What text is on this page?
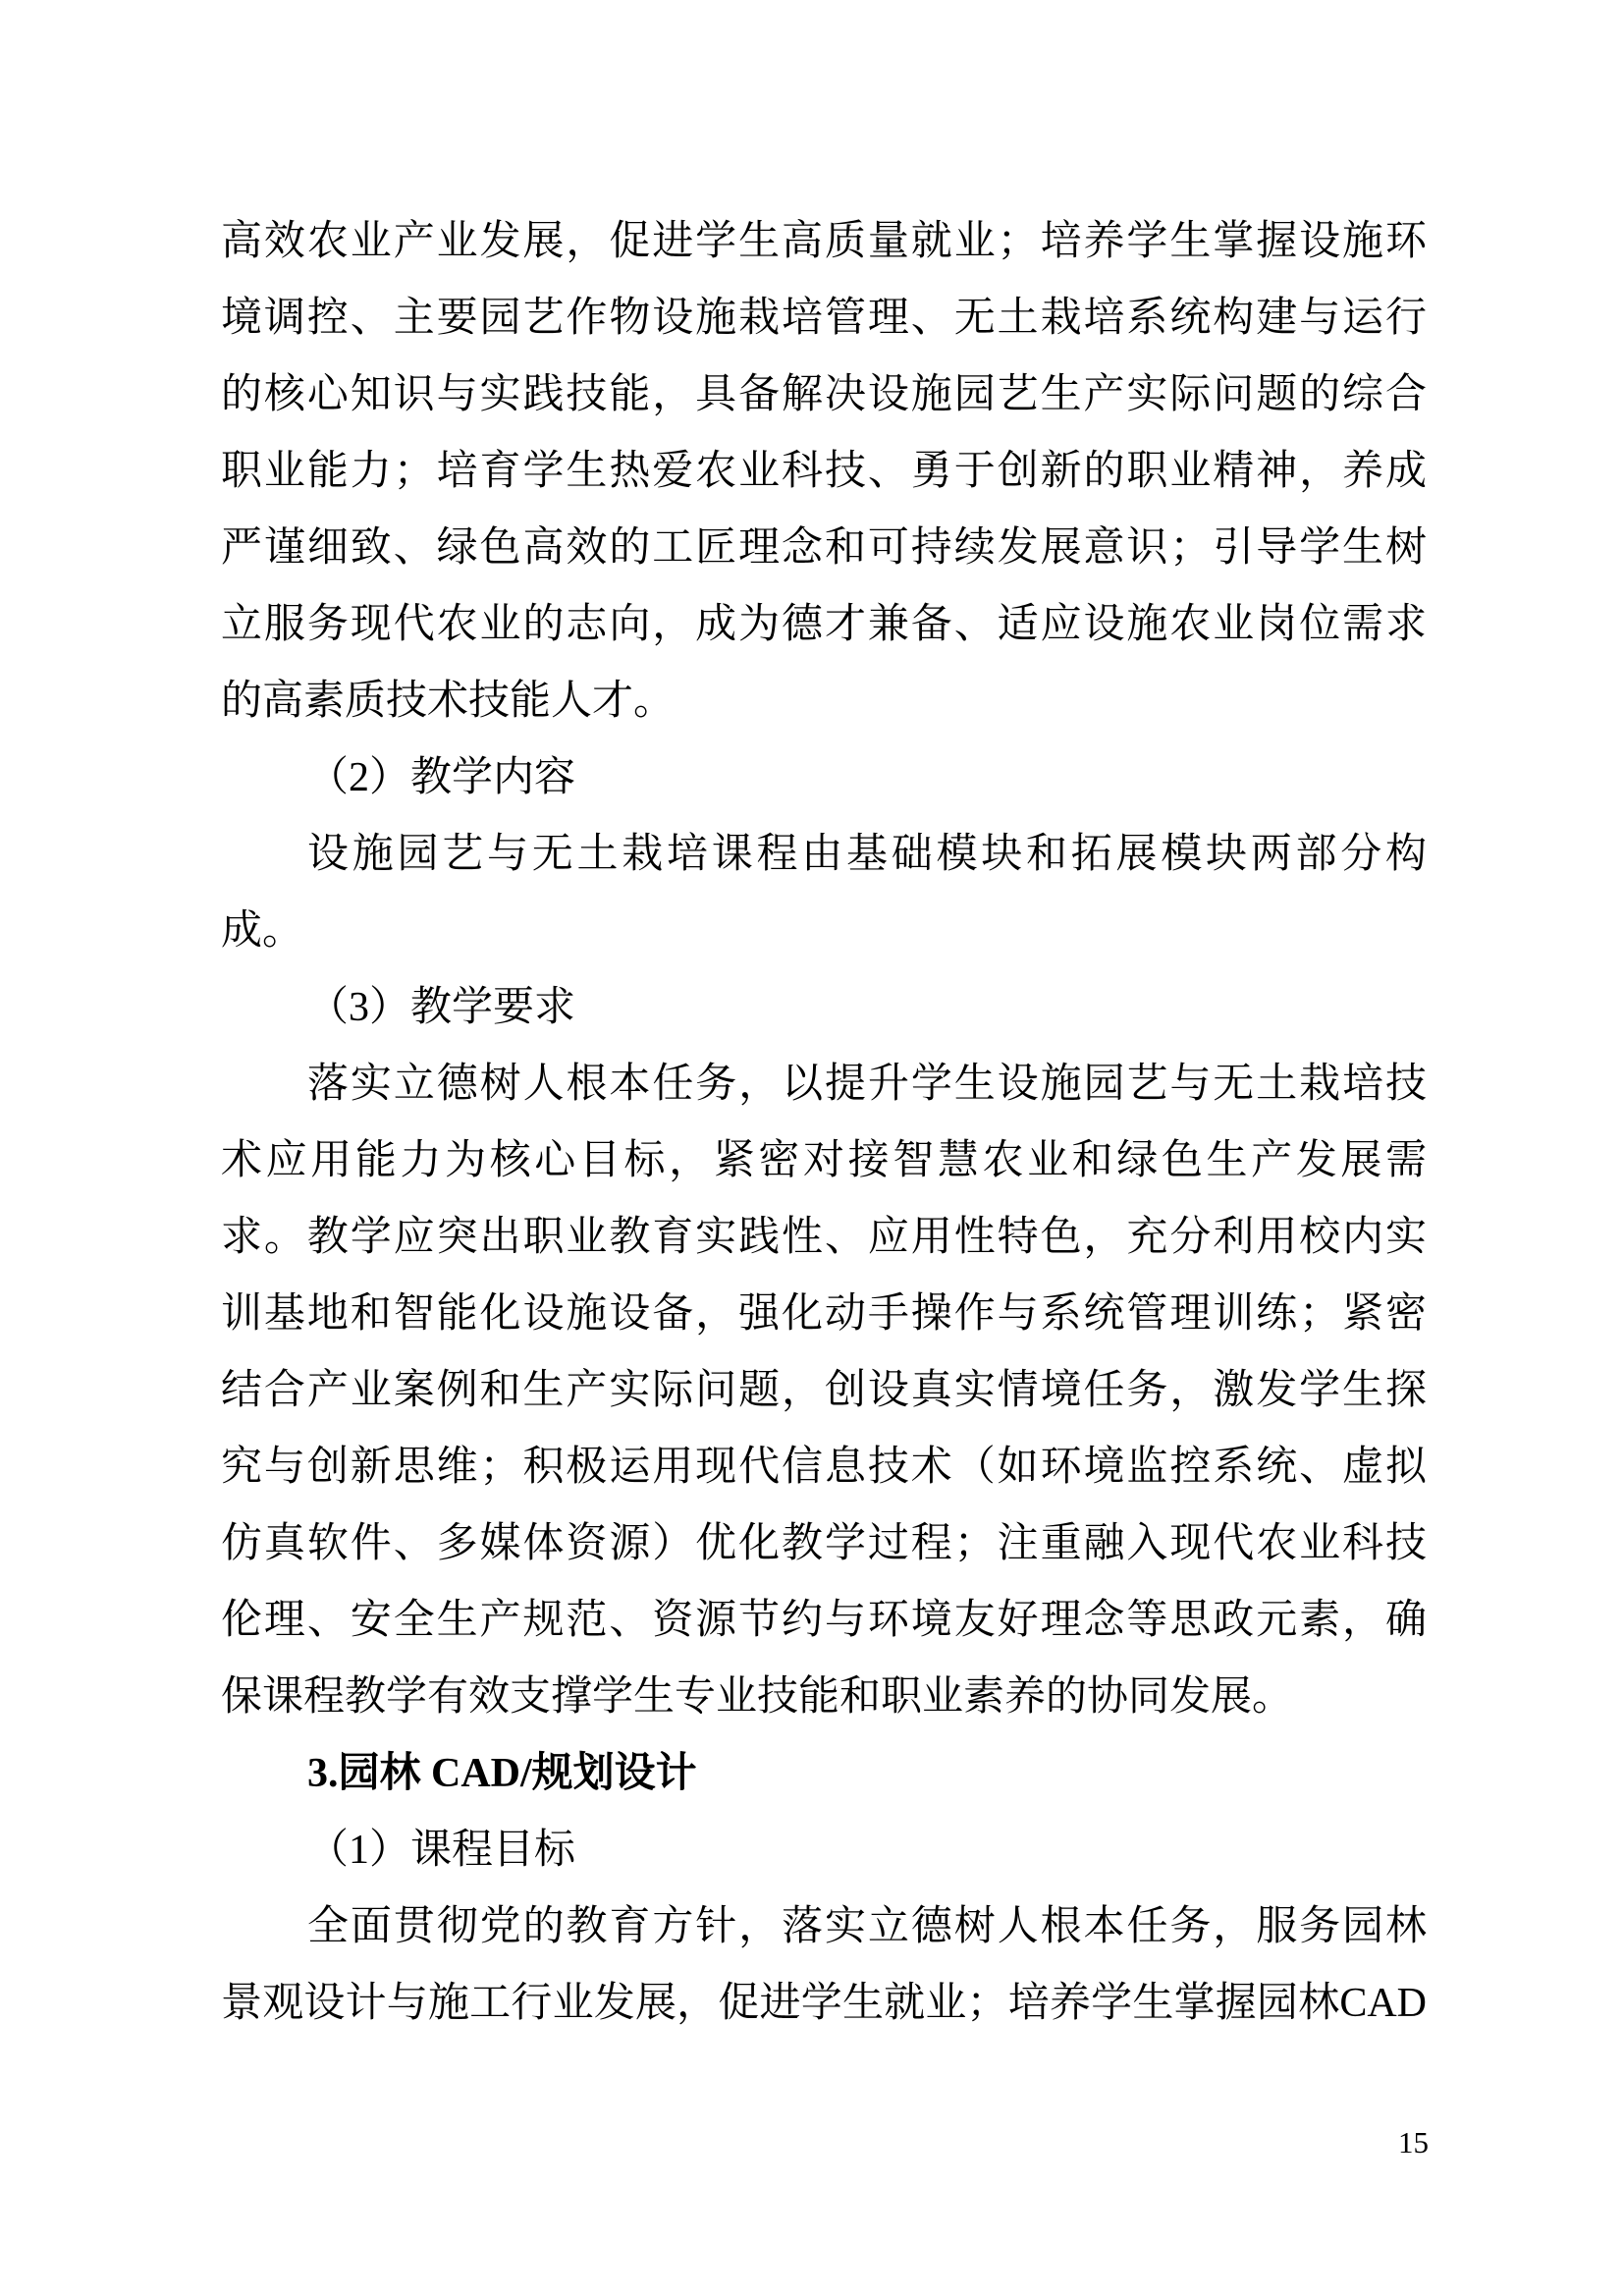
高效农业产业发展，促进学生高质量就业；培养学生掌握设施环
境调控、主要园艺作物设施栽培管理、无土栽培系统构建与运行
的核心知识与实践技能，具备解决设施园艺生产实际问题的综合
职业能力；培育学生热爱农业科技、勇于创新的职业精神，养成
严谨细致、绿色高效的工匠理念和可持续发展意识；引导学生树
立服务现代农业的志向，成为德才兼备、适应设施农业岗位需求
的高素质技术技能人才。
（2）教学内容
设施园艺与无土栽培课程由基础模块和拓展模块两部分构
成。
（3）教学要求
落实立德树人根本任务，以提升学生设施园艺与无土栽培技
术应用能力为核心目标，紧密对接智慧农业和绿色生产发展需
求。教学应突出职业教育实践性、应用性特色，充分利用校内实
训基地和智能化设施设备，强化动手操作与系统管理训练；紧密
结合产业案例和生产实际问题，创设真实情境任务，激发学生探
究与创新思维；积极运用现代信息技术（如环境监控系统、虚拟
仿真软件、多媒体资源）优化教学过程；注重融入现代农业科技
伦理、安全生产规范、资源节约与环境友好理念等思政元素，确
保课程教学有效支撑学生专业技能和职业素养的协同发展。
3.园林 CAD/规划设计
（1）课程目标
全面贯彻党的教育方针，落实立德树人根本任务，服务园林
景观设计与施工行业发展，促进学生就业；培养学生掌握园林CAD
15
